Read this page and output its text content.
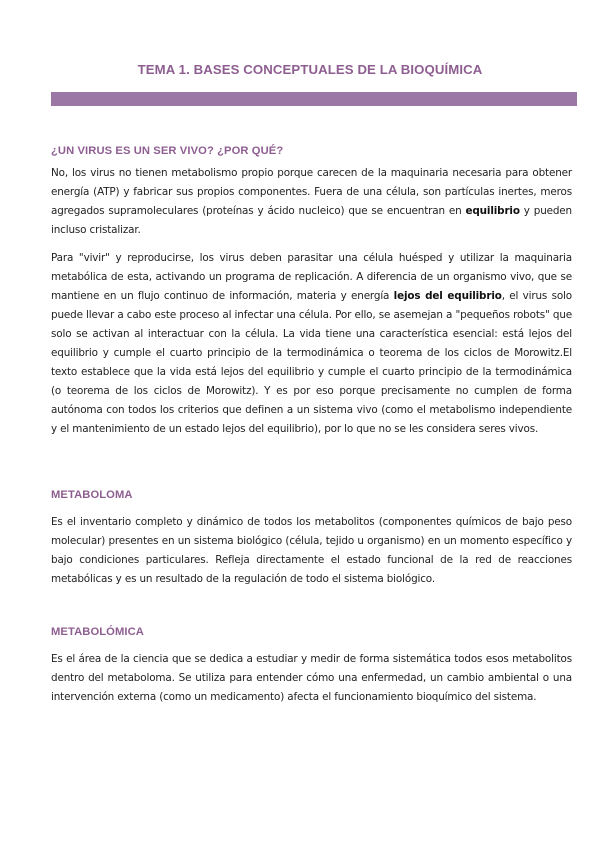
TEMA 1. BASES CONCEPTUALES DE LA BIOQUÍMICA
¿UN VIRUS ES UN SER VIVO? ¿POR QUÉ?
No, los virus no tienen metabolismo propio porque carecen de la maquinaria necesaria para obtener energía (ATP) y fabricar sus propios componentes. Fuera de una célula, son partículas inertes, meros agregados supramoleculares (proteínas y ácido nucleico) que se encuentran en equilibrio y pueden incluso cristalizar.
Para "vivir" y reproducirse, los virus deben parasitar una célula huésped y utilizar la maquinaria metabólica de esta, activando un programa de replicación. A diferencia de un organismo vivo, que se mantiene en un flujo continuo de información, materia y energía lejos del equilibrio, el virus solo puede llevar a cabo este proceso al infectar una célula. Por ello, se asemejan a "pequeños robots" que solo se activan al interactuar con la célula. La vida tiene una característica esencial: está lejos del equilibrio y cumple el cuarto principio de la termodinámica o teorema de los ciclos de Morowitz.El texto establece que la vida está lejos del equilibrio y cumple el cuarto principio de la termodinámica (o teorema de los ciclos de Morowitz). Y es por eso porque precisamente no cumplen de forma autónoma con todos los criterios que definen a un sistema vivo (como el metabolismo independiente y el mantenimiento de un estado lejos del equilibrio), por lo que no se les considera seres vivos.
METABOLOMA
Es el inventario completo y dinámico de todos los metabolitos (componentes químicos de bajo peso molecular) presentes en un sistema biológico (célula, tejido u organismo) en un momento específico y bajo condiciones particulares. Refleja directamente el estado funcional de la red de reacciones metabólicas y es un resultado de la regulación de todo el sistema biológico.
METABOLÓMICA
Es el área de la ciencia que se dedica a estudiar y medir de forma sistemática todos esos metabolitos dentro del metaboloma. Se utiliza para entender cómo una enfermedad, un cambio ambiental o una intervención externa (como un medicamento) afecta el funcionamiento bioquímico del sistema.
